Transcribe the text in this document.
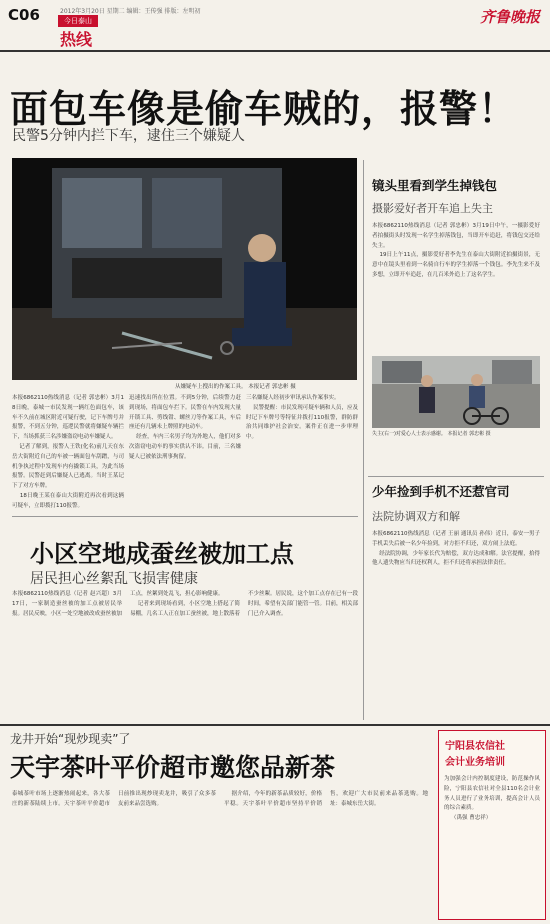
C06	2012年3月20日 星期二 编辑：王传强 排版：左明初
今日泰山
热线
齐鲁晚报
面包车像是偷车贼的，报警！
民警5分钟内拦下车，逮住三个嫌疑人
从嫌疑车上搜出的作案工具。 本报记者 郭忠彬 摄
本报6862110热线消息（记者 郭忠彬）3月18日晚，泰城一市民发现一辆红色面包车，该车不久前在城区附近可疑行驶，记下车牌号并报警，不到五分钟，巡逻民警就将嫌疑车辆拦下，当场抓获三名涉嫌盗窃电动车嫌疑人。
记者了解到，报警人王铁(化名)前几天在东岳大街附近自己的车被一辆面包车刮蹭，与司机争执过程中发现车内有撬锁工具，为此当场报警。民警赶到后嫌疑人已逃离。当时王某记下了对方车牌。
18日晚王某在泰山大街附近再次看到这辆可疑车，立即拨打110报警。
迅速找出所在位置。不到5分钟，后续警力赶到现场，将面包车拦下。民警在车内发现大量开锁工具、剪线钳、螺丝刀等作案工具，车后座还有几辆未上牌照的电动车。
经查，车内三名男子均为外地人，他们对多次盗窃电动车的事实供认不讳。目前，三名嫌疑人已被依法刑事拘留。
三名嫌疑人经初步审讯承认作案事实。
民警提醒：市民发现可疑车辆和人员，应及时记下车牌号等特征并拨打110报警，群防群治共同维护社会治安。案件正在进一步审理中。
镜头里看到学生掉钱包
摄影爱好者开车追上失主
本报6862110热线消息（记者 郭忠彬）3月19日中午，一摄影爱好者拍摄街头时发现一名学生掉落钱包，当即开车追赶，将钱包交还给失主。
19日上午11点，摄影爱好者李先生在泰山大街附近拍摄街景，无意中在镜头里看到一名骑自行车的学生掉落一个钱包。李先生来不及多想，立即开车追赶，在几百米外追上了这名学生。
失主(右一)对爱心人士表示感谢。 本报记者 郭忠彬 摄
少年捡到手机不还惹官司
法院协调双方和解
本报6862110热线消息（记者 王丽 通讯员 孙伟）近日，泰安一男子手机丢失后被一名少年捡到，对方拒不归还，双方闹上法庭。
经法院协调，少年家长代为赔偿，双方达成和解。法官提醒，拾得他人遗失物应当归还权利人，拒不归还将承担法律责任。
小区空地成蚕丝被加工点
居民担心丝絮乱飞损害健康
本报6862110热线消息（记者 赵兴超）3月17日，一家制造蚕丝被的加工点被居民举报。居民反映，小区一处空地被改成蚕丝被加工点，丝絮到处乱飞，担心影响健康。
记者来到现场看到，小区空地上搭起了简易棚，几名工人正在加工蚕丝被，地上散落着不少丝絮。居民说，这个加工点存在已有一段时间，希望有关部门能管一管。目前，相关部门已介入调查。
龙井开始“现炒现卖”了
天宇茶叶平价超市邀您品新茶
泰城茶叶市场上逐渐热闹起来，各大茶庄的新茶陆续上市。天宇茶叶平价超市日前推出现炒现卖龙井，吸引了众多茶友前来品尝选购。
据介绍，今年的新茶品质较好，价格平稳。天宇茶叶平价超市坚持平价销售，欢迎广大市民前来品茶选购。地址：泰城东岳大街。
宁阳县农信社
会计业务培训
为加强会计内控制度建设，防范操作风险，宁阳县农信社对全县110名会计业务人员进行了业务培训，提高会计人员的综合素质。
（禹强 曹忠祥）
